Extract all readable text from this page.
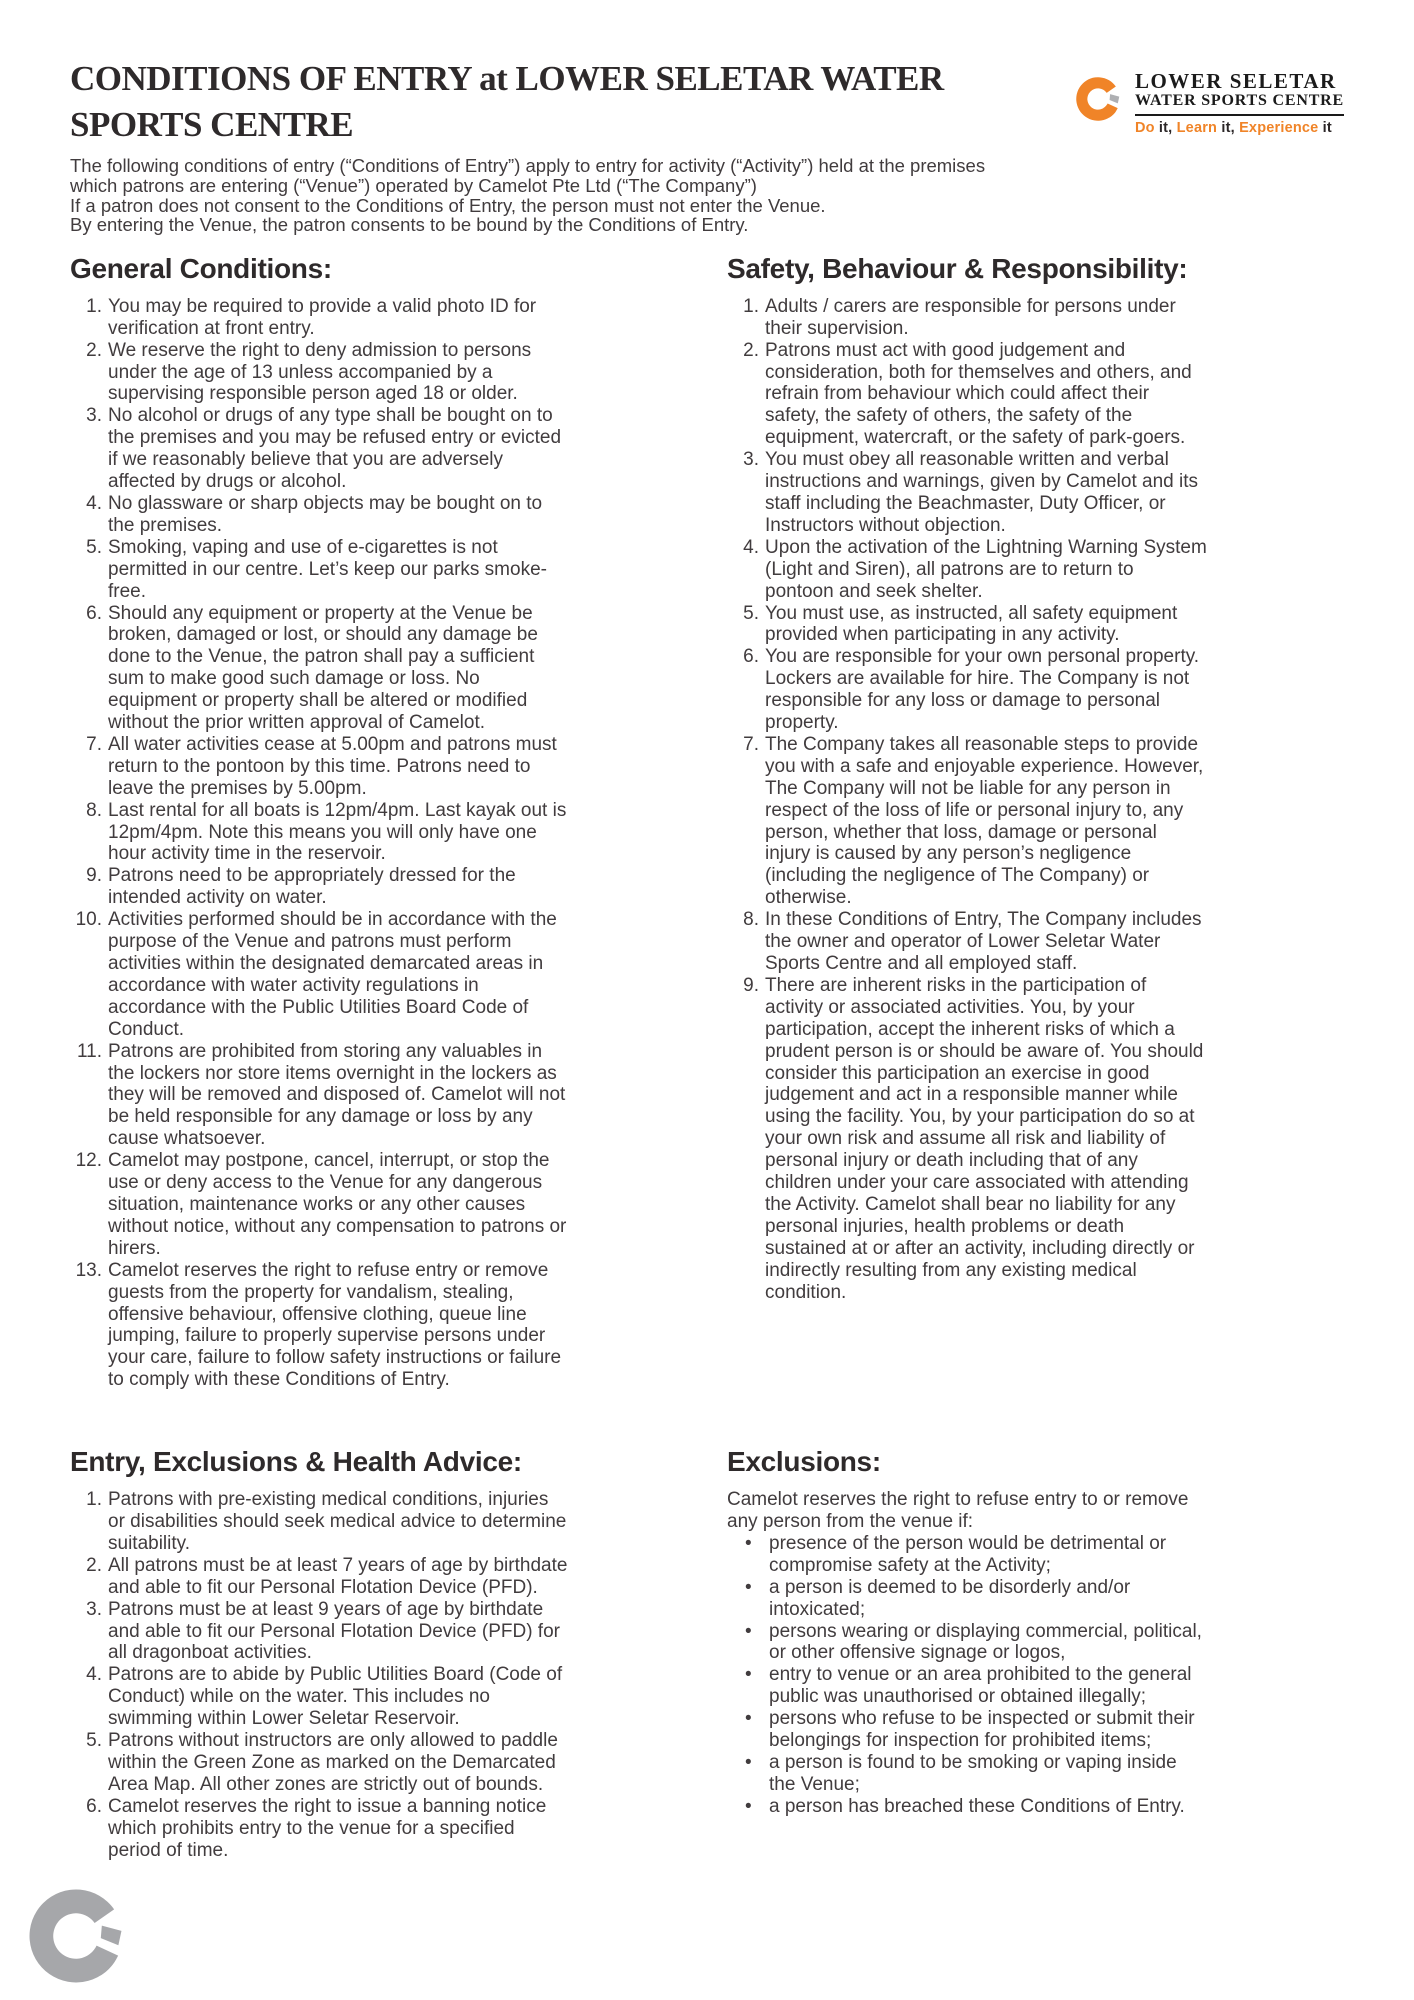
CONDITIONS OF ENTRY at LOWER SELETAR WATER
SPORTS CENTRE
LOWER SELETAR
WATER SPORTS CENTRE
Do it, Learn it, Experience it

The following conditions of entry (“Conditions of Entry”) apply to entry for activity (“Activity”) held at the premises which patrons are entering (“Venue”) operated by Camelot Pte Ltd (“The Company”)

If a patron does not consent to the Conditions of Entry, the person must not enter the Venue.

By entering the Venue, the patron consents to be bound by the Conditions of Entry.

General Conditions:
You may be required to provide a valid photo ID for verification at front entry.
We reserve the right to deny admission to persons under the age of 13 unless accompanied by a supervising responsible person aged 18 or older.
No alcohol or drugs of any type shall be bought on to the premises and you may be refused entry or evicted if we reasonably believe that you are adversely affected by drugs or alcohol.
No glassware or sharp objects may be bought on to the premises.
Smoking, vaping and use of e-cigarettes is not permitted in our centre. Let’s keep our parks smoke-free.
Should any equipment or property at the Venue be broken, damaged or lost, or should any damage be done to the Venue, the patron shall pay a sufficient sum to make good such damage or loss. No equipment or property shall be altered or modified without the prior written approval of Camelot.
All water activities cease at 5.00pm and patrons must return to the pontoon by this time. Patrons need to leave the premises by 5.00pm.
Last rental for all boats is 12pm/4pm. Last kayak out is 12pm/4pm. Note this means you will only have one hour activity time in the reservoir.
Patrons need to be appropriately dressed for the intended activity on water.
Activities performed should be in accordance with the purpose of the Venue and patrons must perform activities within the designated demarcated areas in accordance with water activity regulations in accordance with the Public Utilities Board Code of Conduct.
Patrons are prohibited from storing any valuables in the lockers nor store items overnight in the lockers as they will be removed and disposed of. Camelot will not be held responsible for any damage or loss by any cause whatsoever.
Camelot may postpone, cancel, interrupt, or stop the use or deny access to the Venue for any dangerous situation, maintenance works or any other causes without notice, without any compensation to patrons or hirers.
Camelot reserves the right to refuse entry or remove guests from the property for vandalism, stealing, offensive behaviour, offensive clothing, queue line jumping, failure to properly supervise persons under your care, failure to follow safety instructions or failure to comply with these Conditions of Entry.
Safety, Behaviour & Responsibility:
Adults / carers are responsible for persons under their supervision.
Patrons must act with good judgement and consideration, both for themselves and others, and refrain from behaviour which could affect their safety, the safety of others, the safety of the equipment, watercraft, or the safety of park-goers.
You must obey all reasonable written and verbal instructions and warnings, given by Camelot and its staff including the Beachmaster, Duty Officer, or Instructors without objection.
Upon the activation of the Lightning Warning System (Light and Siren), all patrons are to return to pontoon and seek shelter.
You must use, as instructed, all safety equipment provided when participating in any activity.
You are responsible for your own personal property. Lockers are available for hire. The Company is not responsible for any loss or damage to personal property.
The Company takes all reasonable steps to provide you with a safe and enjoyable experience. However, The Company will not be liable for any person in respect of the loss of life or personal injury to, any person, whether that loss, damage or personal injury is caused by any person’s negligence (including the negligence of The Company) or otherwise.
In these Conditions of Entry, The Company includes the owner and operator of Lower Seletar Water Sports Centre and all employed staff.
There are inherent risks in the participation of activity or associated activities. You, by your participation, accept the inherent risks of which a prudent person is or should be aware of. You should consider this participation an exercise in good judgement and act in a responsible manner while using the facility. You, by your participation do so at your own risk and assume all risk and liability of personal injury or death including that of any children under your care associated with attending the Activity. Camelot shall bear no liability for any personal injuries, health problems or death sustained at or after an activity, including directly or indirectly resulting from any existing medical condition.
Entry, Exclusions & Health Advice:
Patrons with pre-existing medical conditions, injuries or disabilities should seek medical advice to determine suitability.
All patrons must be at least 7 years of age by birthdate and able to fit our Personal Flotation Device (PFD).
Patrons must be at least 9 years of age by birthdate and able to fit our Personal Flotation Device (PFD) for all dragonboat activities.
Patrons are to abide by Public Utilities Board (Code of Conduct) while on the water. This includes no swimming within Lower Seletar Reservoir.
Patrons without instructors are only allowed to paddle within the Green Zone as marked on the Demarcated Area Map. All other zones are strictly out of bounds.
Camelot reserves the right to issue a banning notice which prohibits entry to the venue for a specified period of time.
Exclusions:

Camelot reserves the right to refuse entry to or remove any person from the venue if:

• presence of the person would be detrimental or compromise safety at the Activity;
• a person is deemed to be disorderly and/or intoxicated;
• persons wearing or displaying commercial, political, or other offensive signage or logos,
• entry to venue or an area prohibited to the general public was unauthorised or obtained illegally;
• persons who refuse to be inspected or submit their belongings for inspection for prohibited items;
• a person is found to be smoking or vaping inside the Venue;
• a person has breached these Conditions of Entry.
